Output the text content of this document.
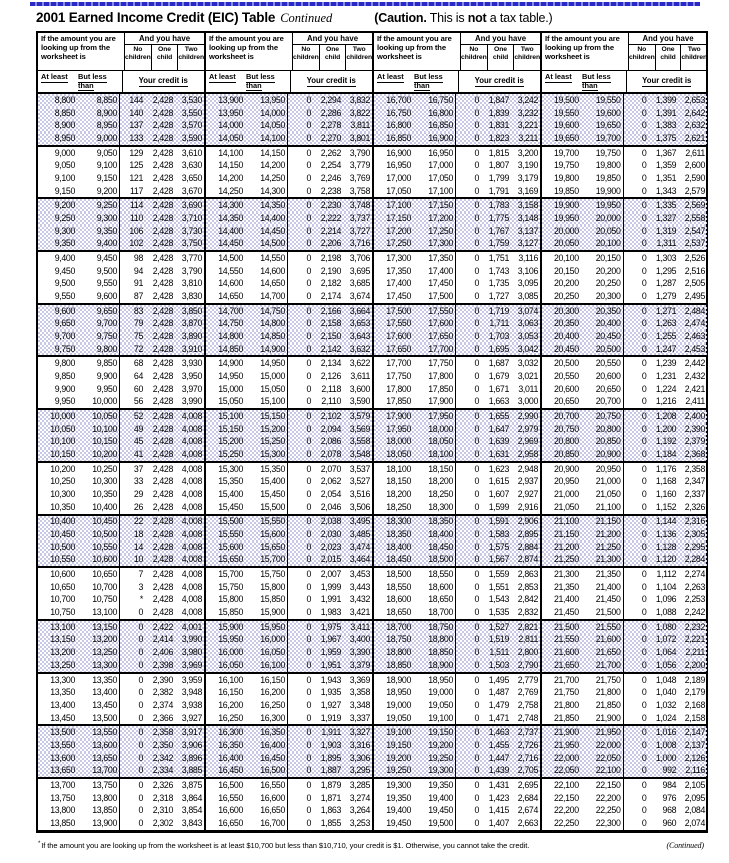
2001 Earned Income Credit (EIC) Table Continued	(Caution. This is not a tax table.)
If the amount you are looking up from the worksheet is
And you have
No children
One child
Two children
At least	But less than
Your credit is
8,800	8,850	144	2,428 3,530
8,850	8,900	140	2,428 3,550
8,900	8,950	137	2,428 3,570
8,950	9,000	133	2,428 3,590
9,000	9,050	129	2,428 3,610
9,050	9,100	125	2,428 3,630
9,100	9,150	121	2,428 3,650
9,150	9,200	117	2,428 3,670
9,200	9,250	114	2,428 3,690
9,250	9,300	110	2,428 3,710
9,300	9,350	106	2,428 3,730
9,350	9,400	102	2,428 3,750
9,400	9,450	98	2,428 3,770
9,450	9,500	94	2,428 3,790
9,500	9,550	91	2,428 3,810
9,550	9,600	87	2,428 3,830
9,600	9,650	83	2,428 3,850
9,650	9,700	79	2,428 3,870
9,700	9,750	75	2,428 3,890
9,750	9,800	72	2,428 3,910
9,800	9,850	68	2,428 3,930
9,850	9,900	64	2,428 3,950
9,900	9,950	60	2,428 3,970
9,950	10,000	56	2,428 3,990
10,000	10,050	52	2,428 4,008
10,050	10,100	49	2,428 4,008
10,100	10,150	45	2,428 4,008
10,150	10,200	41	2,428 4,008
10,200	10,250	37	2,428 4,008
10,250	10,300	33	2,428 4,008
10,300	10,350	29	2,428 4,008
10,350	10,400	26	2,428 4,008
10,400	10,450	22	2,428 4,008
10,450	10,500	18	2,428 4,008
10,500	10,550	14	2,428 4,008
10,550	10,600	10	2,428 4,008
10,600	10,650	7	2,428 4,008
10,650	10,700	3	2,428 4,008
10,700	10,750	*	2,428 4,008
10,750	13,100	0	2,428 4,008
13,100	13,150	0	2,422 4,001
13,150	13,200	0	2,414 3,990
13,200	13,250	0	2,406 3,980
13,250	13,300	0	2,398 3,969
13,300	13,350	0	2,390 3,959
13,350	13,400	0	2,382 3,948
13,400	13,450	0	2,374 3,938
13,450	13,500	0	2,366 3,927
13,500	13,550	0	2,358 3,917
13,550	13,600	0	2,350 3,906
13,600	13,650	0	2,342 3,896
13,650	13,700	0	2,334 3,885
13,700	13,750	0	2,326 3,875
13,750	13,800	0	2,318 3,864
13,800	13,850	0	2,310 3,854
13,850	13,900	0	2,302 3,843
If the amount you are looking up from the worksheet is
And you have
No children
One child
Two children
At least	But less than
Your credit is
13,900	13,950	0	2,294 3,832
13,950	14,000	0	2,286 3,822
14,000	14,050	0	2,278	3,811
14,050	14,100	0	2,270 3,801
14,100	14,150	0	2,262 3,790
14,150	14,200	0	2,254 3,779
14,200	14,250	0	2,246 3,769
14,250	14,300	0	2,238 3,758
14,300	14,350	0	2,230 3,748
14,350	14,400	0	2,222 3,737
14,400	14,450	0	2,214 3,727
14,450	14,500	0	2,206 3,716
14,500	14,550	0	2,198 3,706
14,550	14,600	0	2,190 3,695
14,600	14,650	0	2,182 3,685
14,650	14,700	0	2,174 3,674
14,700	14,750	0	2,166 3,664
14,750	14,800	0	2,158 3,653
14,800	14,850	0	2,150 3,643
14,850	14,900	0	2,142 3,632
14,900	14,950	0	2,134 3,622
14,950	15,000	0	2,126	3,611
15,000	15,050	0	2,118 3,600
15,050	15,100	0	2,110 3,590
15,100	15,150	0	2,102 3,579
15,150	15,200	0	2,094 3,569
15,200	15,250	0	2,086 3,558
15,250	15,300	0	2,078 3,548
15,300	15,350	0	2,070 3,537
15,350	15,400	0	2,062 3,527
15,400	15,450	0	2,054 3,516
15,450	15,500	0	2,046 3,506
15,500	15,550	0	2,038 3,495
15,550	15,600	0	2,030 3,485
15,600	15,650	0	2,023 3,474
15,650	15,700	0	2,015 3,464
15,700	15,750	0	2,007 3,453
15,750	15,800	0	1,999 3,443
15,800	15,850	0	1,991 3,432
15,850	15,900	0	1,983 3,421
15,900	15,950	0	1,975	3,411
15,950	16,000	0	1,967 3,400
16,000	16,050	0	1,959 3,390
16,050	16,100	0	1,951 3,379
16,100	16,150	0	1,943 3,369
16,150	16,200	0	1,935 3,358
16,200	16,250	0	1,927 3,348
16,250	16,300	0	1,919 3,337
16,300	16,350	0	1,911 3,327
16,350	16,400	0	1,903 3,316
16,400	16,450	0	1,895 3,306
16,450	16,500	0	1,887 3,295
16,500	16,550	0	1,879 3,285
16,550	16,600	0	1,871 3,274
16,600	16,650	0	1,863 3,264
16,650	16,700	0	1,855 3,253
If the amount you are looking up from the worksheet is
And you have
No children
One child
Two children
At least	But less than
Your credit is
16,700	16,750	0	1,847 3,242
16,750	16,800	0	1,839 3,232
16,800	16,850	0	1,831 3,221
16,850	16,900	0	1,823	3,211
16,900	16,950	0	1,815 3,200
16,950	17,000	0	1,807 3,190
17,000	17,050	0	1,799 3,179
17,050	17,100	0	1,791 3,169
17,100	17,150	0	1,783 3,158
17,150	17,200	0	1,775 3,148
17,200	17,250	0	1,767 3,137
17,250	17,300	0	1,759 3,127
17,300	17,350	0	1,751	3,116
17,350	17,400	0	1,743 3,106
17,400	17,450	0	1,735 3,095
17,450	17,500	0	1,727 3,085
17,500	17,550	0	1,719 3,074
17,550	17,600	0	1,711 3,063
17,600	17,650	0	1,703 3,053
17,650	17,700	0	1,695 3,042
17,700	17,750	0	1,687 3,032
17,750	17,800	0	1,679 3,021
17,800	17,850	0	1,671	3,011
17,850	17,900	0	1,663 3,000
17,900	17,950	0	1,655 2,990
17,950	18,000	0	1,647 2,979
18,000	18,050	0	1,639 2,969
18,050	18,100	0	1,631 2,958
18,100	18,150	0	1,623 2,948
18,150	18,200	0	1,615 2,937
18,200	18,250	0	1,607 2,927
18,250	18,300	0	1,599 2,916
18,300	18,350	0	1,591 2,906
18,350	18,400	0	1,583 2,895
18,400	18,450	0	1,575 2,884
18,450	18,500	0	1,567 2,874
18,500	18,550	0	1,559 2,863
18,550	18,600	0	1,551 2,853
18,600	18,650	0	1,543 2,842
18,650	18,700	0	1,535 2,832
18,700	18,750	0	1,527 2,821
18,750	18,800	0	1,519	2,811
18,800	18,850	0	1,511 2,800
18,850	18,900	0	1,503 2,790
18,900	18,950	0	1,495 2,779
18,950	19,000	0	1,487 2,769
19,000	19,050	0	1,479 2,758
19,050	19,100	0	1,471 2,748
19,100	19,150	0	1,463 2,737
19,150	19,200	0	1,455 2,726
19,200	19,250	0	1,447 2,716
19,250	19,300	0	1,439 2,705
19,300	19,350	0	1,431 2,695
19,350	19,400	0	1,423 2,684
19,400	19,450	0	1,415 2,674
19,450	19,500	0	1,407 2,663
If the amount you are looking up from the worksheet is
And you have
No children
One child
Two children
At least	But less than
Your credit is
19,500	19,550	0	1,399 2,653
19,550	19,600	0	1,391 2,642
19,600	19,650	0	1,383 2,632
19,650	19,700	0	1,375 2,621
19,700	19,750	0	1,367	2,611
19,750	19,800	0	1,359 2,600
19,800	19,850	0	1,351 2,590
19,850	19,900	0	1,343 2,579
19,900	19,950	0	1,335 2,569
19,950	20,000	0	1,327 2,558
20,000	20,050	0	1,319 2,547
20,050	20,100	0	1,311 2,537
20,100	20,150	0	1,303 2,526
20,150	20,200	0	1,295 2,516
20,200	20,250	0	1,287 2,505
20,250	20,300	0	1,279 2,495
20,300	20,350	0	1,271 2,484
20,350	20,400	0	1,263 2,474
20,400	20,450	0	1,255 2,463
20,450	20,500	0	1,247 2,453
20,500	20,550	0	1,239 2,442
20,550	20,600	0	1,231 2,432
20,600	20,650	0	1,224 2,421
20,650	20,700	0	1,216	2,411
20,700	20,750	0	1,208 2,400
20,750	20,800	0	1,200 2,390
20,800	20,850	0	1,192 2,379
20,850	20,900	0	1,184 2,368
20,900	20,950	0	1,176 2,358
20,950	21,000	0	1,168 2,347
21,000	21,050	0	1,160 2,337
21,050	21,100	0	1,152 2,326
21,100	21,150	0	1,144 2,316
21,150	21,200	0	1,136 2,305
21,200	21,250	0	1,128 2,295
21,250	21,300	0	1,120 2,284
21,300	21,350	0	1,112 2,274
21,350	21,400	0	1,104 2,263
21,400	21,450	0	1,096 2,253
21,450	21,500	0	1,088 2,242
21,500	21,550	0	1,080 2,232
21,550	21,600	0	1,072 2,221
21,600	21,650	0	1,064	2,211
21,650	21,700	0	1,056 2,200
21,700	21,750	0	1,048 2,189
21,750	21,800	0	1,040 2,179
21,800	21,850	0	1,032 2,168
21,850	21,900	0	1,024 2,158
21,900	21,950	0	1,016 2,147
21,950	22,000	0	1,008 2,137
22,000	22,050	0	1,000 2,126
22,050	22,100	0	992	2,116
22,100	22,150	0	984 2,105
22,150	22,200	0	976 2,095
22,200	22,250	0	968 2,084
22,250	22,300	0	960 2,074
*If the amount you are looking up from the worksheet is at least $10,700 but less than $10,710, your credit is $1. Otherwise, you cannot take the credit.	(Continued)
